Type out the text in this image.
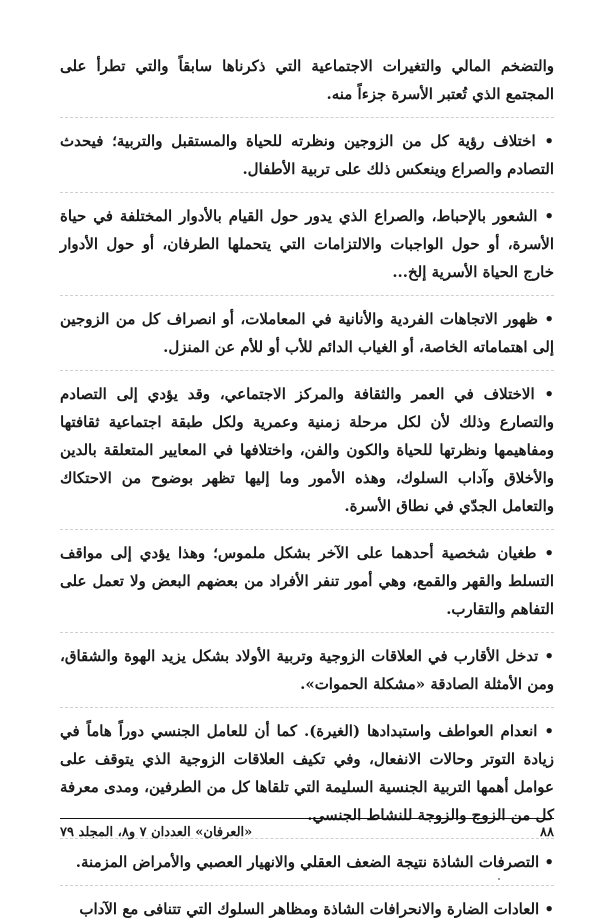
والتضخم المالي والتغيرات الاجتماعية التي ذكرناها سابقاً والتي تطرأ على المجتمع الذي تُعتبر الأسرة جزءاً منه.

• اختلاف رؤية كل من الزوجين ونظرته للحياة والمستقبل والتربية؛ فيحدث التصادم والصراع وينعكس ذلك على تربية الأطفال.

• الشعور بالإحباط، والصراع الذي يدور حول القيام بالأدوار المختلفة في حياة الأسرة، أو حول الواجبات والالتزامات التي يتحملها الطرفان، أو حول الأدوار خارج الحياة الأسرية إلخ...

• ظهور الاتجاهات الفردية والأنانية في المعاملات، أو انصراف كل من الزوجين إلى اهتماماته الخاصة، أو الغياب الدائم للأب أو للأم عن المنزل.

• الاختلاف في العمر والثقافة والمركز الاجتماعي، وقد يؤدي إلى التصادم والتصارع وذلك لأن لكل مرحلة زمنية وعمرية ولكل طبقة اجتماعية ثقافتها ومفاهيمها ونظرتها للحياة والكون والفن، واختلافها في المعايير المتعلقة بالدين والأخلاق وآداب السلوك، وهذه الأمور وما إليها تظهر بوضوح من الاحتكاك والتعامل الجدّي في نطاق الأسرة.

• طغيان شخصية أحدهما على الآخر بشكل ملموس؛ وهذا يؤدي إلى مواقف التسلط والقهر والقمع، وهي أمور تنفر الأفراد من بعضهم البعض ولا تعمل على التفاهم والتقارب.

• تدخل الأقارب في العلاقات الزوجية وتربية الأولاد بشكل يزيد الهوة والشقاق، ومن الأمثلة الصادقة «مشكلة الحموات».

• انعدام العواطف واستبدادها (الغيرة). كما أن للعامل الجنسي دوراً هاماً في زيادة التوتر وحالات الانفعال، وفي تكيف العلاقات الزوجية الذي يتوقف على عوامل أهمها التربية الجنسية السليمة التي تلقاها كل من الطرفين، ومدى معرفة كل من الزوج والزوجة للنشاط الجنسي.

• التصرفات الشاذة نتيجة الضعف العقلي والانهيار العصبي والأمراض المزمنة.

• العادات الضارة والانحرافات الشاذة ومظاهر السلوك التي تتنافى مع الآداب

٨٨
«العرفان» العددان ٧ و٨، المجلد ٧٩
